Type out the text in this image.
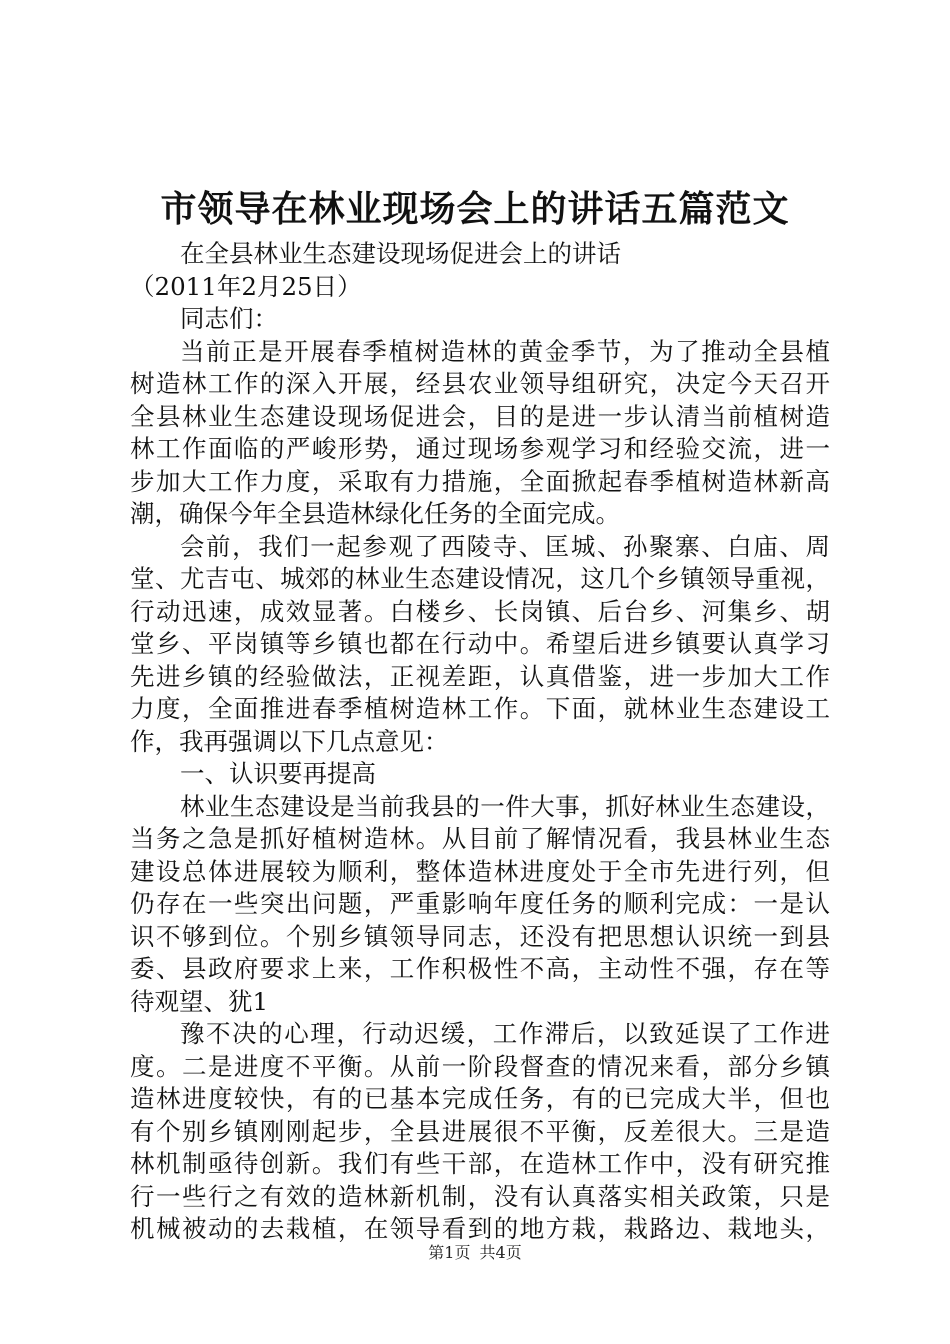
市领导在林业现场会上的讲话五篇范文
在全县林业生态建设现场促进会上的讲话
（2011年2月25日）
同志们：
当前正是开展春季植树造林的黄金季节，为了推动全县植
树造林工作的深入开展，经县农业领导组研究，决定今天召开
全县林业生态建设现场促进会，目的是进一步认清当前植树造
林工作面临的严峻形势，通过现场参观学习和经验交流，进一
步加大工作力度，采取有力措施，全面掀起春季植树造林新高
潮，确保今年全县造林绿化任务的全面完成。
会前，我们一起参观了西陵寺、匡城、孙聚寨、白庙、周
堂、尤吉屯、城郊的林业生态建设情况，这几个乡镇领导重视，
行动迅速，成效显著。白楼乡、长岗镇、后台乡、河集乡、胡
堂乡、平岗镇等乡镇也都在行动中。希望后进乡镇要认真学习
先进乡镇的经验做法，正视差距，认真借鉴，进一步加大工作
力度，全面推进春季植树造林工作。下面，就林业生态建设工
作，我再强调以下几点意见：
一、认识要再提高
林业生态建设是当前我县的一件大事，抓好林业生态建设，
当务之急是抓好植树造林。从目前了解情况看，我县林业生态
建设总体进展较为顺利，整体造林进度处于全市先进行列，但
仍存在一些突出问题，严重影响年度任务的顺利完成：一是认
识不够到位。个别乡镇领导同志，还没有把思想认识统一到县
委、县政府要求上来，工作积极性不高，主动性不强，存在等
待观望、犹1
豫不决的心理，行动迟缓，工作滞后，以致延误了工作进
度。二是进度不平衡。从前一阶段督查的情况来看，部分乡镇
造林进度较快，有的已基本完成任务，有的已完成大半，但也
有个别乡镇刚刚起步，全县进展很不平衡，反差很大。三是造
林机制亟待创新。我们有些干部，在造林工作中，没有研究推
行一些行之有效的造林新机制，没有认真落实相关政策，只是
机械被动的去栽植，在领导看到的地方栽，栽路边、栽地头，
第1页 共4页
